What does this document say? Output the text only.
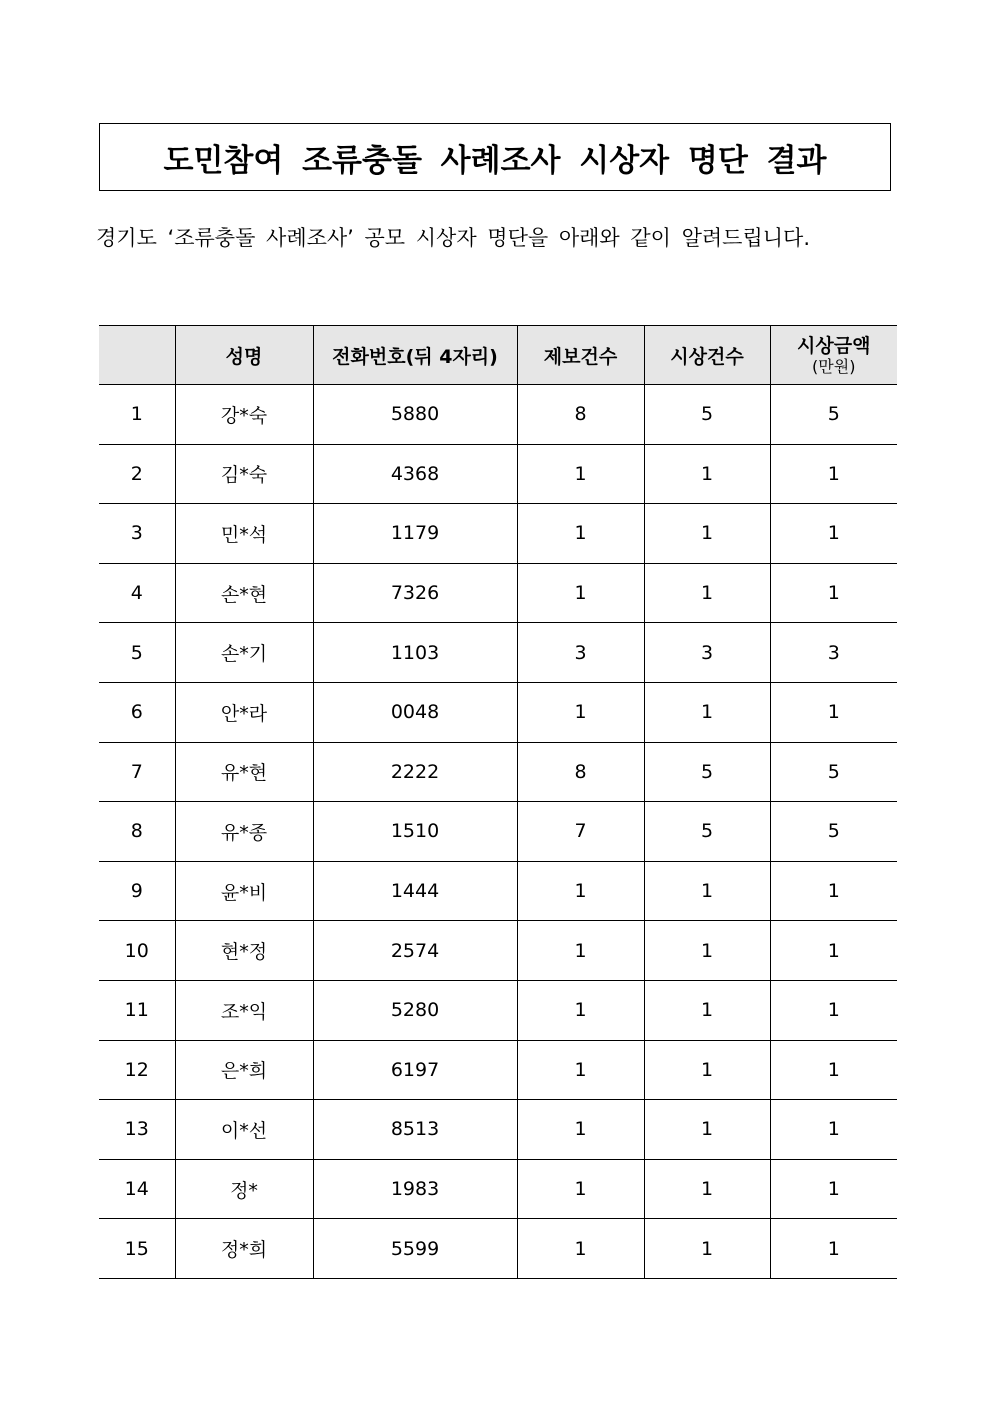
도민참여 조류충돌 사례조사 시상자 명단 결과
경기도 ‘조류충돌 사례조사’ 공모 시상자 명단을 아래와 같이 알려드립니다.
	성명	전화번호(뒤 4자리)	제보건수	시상건수	시상금액
(만원)

1	강*숙	5880	8	5	5
2	김*숙	4368	1	1	1
3	민*석	1179	1	1	1
4	손*현	7326	1	1	1
5	손*기	1103	3	3	3
6	안*라	0048	1	1	1
7	유*현	2222	8	5	5
8	유*종	1510	7	5	5
9	윤*비	1444	1	1	1
10	현*정	2574	1	1	1
11	조*익	5280	1	1	1
12	은*희	6197	1	1	1
13	이*선	8513	1	1	1
14	정*	1983	1	1	1
15	정*희	5599	1	1	1
